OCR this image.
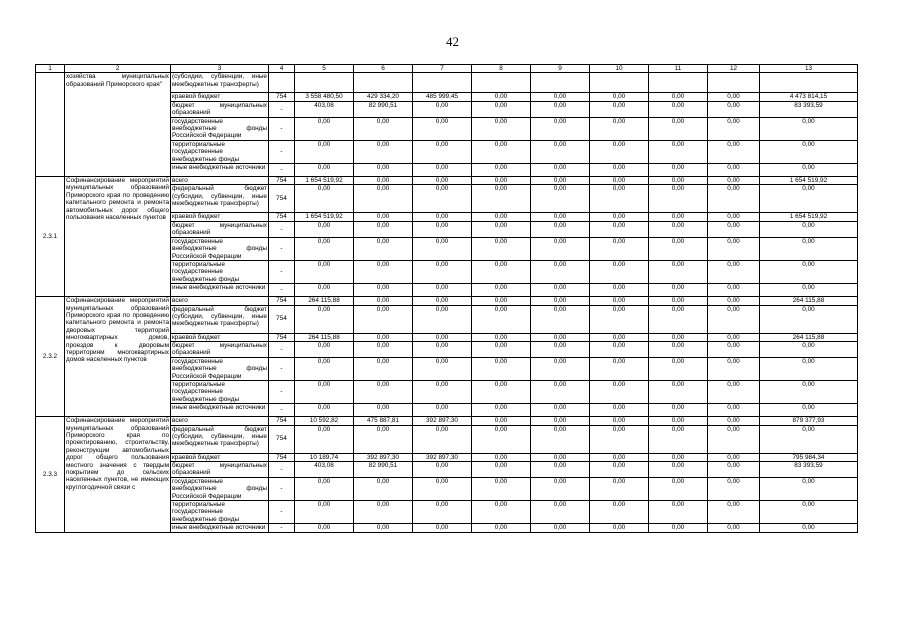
42
1	2	3	4	5	6	7	8	9	10	11	12	13
	хозяйства муниципальных образований Приморского края"	(субсидии, субвенции, иные межбюджетные трансферты)										
		краевой бюджет	754	3 558 480,50	429 334,20	485 999,45	0,00	0,00	0,00	0,00	0,00	4 473 814,15
		бюджет муниципальных образований	-	403,08	82 990,51	0,00	0,00	0,00	0,00	0,00	0,00	83 393,59
		государственные внебюджетные фонды Российской Федерации	-	0,00	0,00	0,00	0,00	0,00	0,00	0,00	0,00	0,00
		территориальные государственные внебюджетные фонды	-	0,00	0,00	0,00	0,00	0,00	0,00	0,00	0,00	0,00
		иные внебюджетные источники	-	0,00	0,00	0,00	0,00	0,00	0,00	0,00	0,00	0,00
2.3.1	Софинансирование мероприятий муниципальных образований Приморского края по проведению капитального ремонта и ремонта автомобильных дорог общего пользования населенных пунктов	всего	754	1 654 519,92	0,00	0,00	0,00	0,00	0,00	0,00	0,00	1 654 519,92
		федеральный бюджет (субсидии, субвенции, иные межбюджетные трансферты)	754	0,00	0,00	0,00	0,00	0,00	0,00	0,00	0,00	0,00
		краевой бюджет	754	1 654 519,92	0,00	0,00	0,00	0,00	0,00	0,00	0,00	1 654 519,92
		бюджет муниципальных образований	-	0,00	0,00	0,00	0,00	0,00	0,00	0,00	0,00	0,00
		государственные внебюджетные фонды Российской Федерации	-	0,00	0,00	0,00	0,00	0,00	0,00	0,00	0,00	0,00
		территориальные государственные внебюджетные фонды	-	0,00	0,00	0,00	0,00	0,00	0,00	0,00	0,00	0,00
		иные внебюджетные источники	-	0,00	0,00	0,00	0,00	0,00	0,00	0,00	0,00	0,00
2.3.2	Софинансирование мероприятий муниципальных образований Приморского края по проведению капитального ремонта и ремонта дворовых территорий многоквартирных домов, проездов к дворовым территориям многоквартирных домов населенных пунктов	всего	754	264 115,88	0,00	0,00	0,00	0,00	0,00	0,00	0,00	264 115,88
		федеральный бюджет (субсидии, субвенции, иные межбюджетные трансферты)	754	0,00	0,00	0,00	0,00	0,00	0,00	0,00	0,00	0,00
		краевой бюджет	754	264 115,88	0,00	0,00	0,00	0,00	0,00	0,00	0,00	264 115,88
		бюджет муниципальных образований	-	0,00	0,00	0,00	0,00	0,00	0,00	0,00	0,00	0,00
		государственные внебюджетные фонды Российской Федерации	-	0,00	0,00	0,00	0,00	0,00	0,00	0,00	0,00	0,00
		территориальные государственные внебюджетные фонды	-	0,00	0,00	0,00	0,00	0,00	0,00	0,00	0,00	0,00
		иные внебюджетные источники	-	0,00	0,00	0,00	0,00	0,00	0,00	0,00	0,00	0,00
2.3.3	Софинансирование мероприятий муниципальных образований Приморского края по проектированию, строительству, реконструкции автомобильных дорог общего пользования местного значения с твердым покрытием до сельских населенных пунктов, не имеющих круглогодичной связи с	всего	754	10 592,82	475 887,81	392 897,30	0,00	0,00	0,00	0,00	0,00	879 377,93
		федеральный бюджет (субсидии, субвенции, иные межбюджетные трансферты)	754	0,00	0,00	0,00	0,00	0,00	0,00	0,00	0,00	0,00
		краевой бюджет	754	10 189,74	392 897,30	392 897,30	0,00	0,00	0,00	0,00	0,00	795 984,34
		бюджет муниципальных образований	-	403,08	82 990,51	0,00	0,00	0,00	0,00	0,00	0,00	83 393,59
		государственные внебюджетные фонды Российской Федерации	-	0,00	0,00	0,00	0,00	0,00	0,00	0,00	0,00	0,00
		территориальные государственные внебюджетные фонды	-	0,00	0,00	0,00	0,00	0,00	0,00	0,00	0,00	0,00
		иные внебюджетные источники	-	0,00	0,00	0,00	0,00	0,00	0,00	0,00	0,00	0,00
